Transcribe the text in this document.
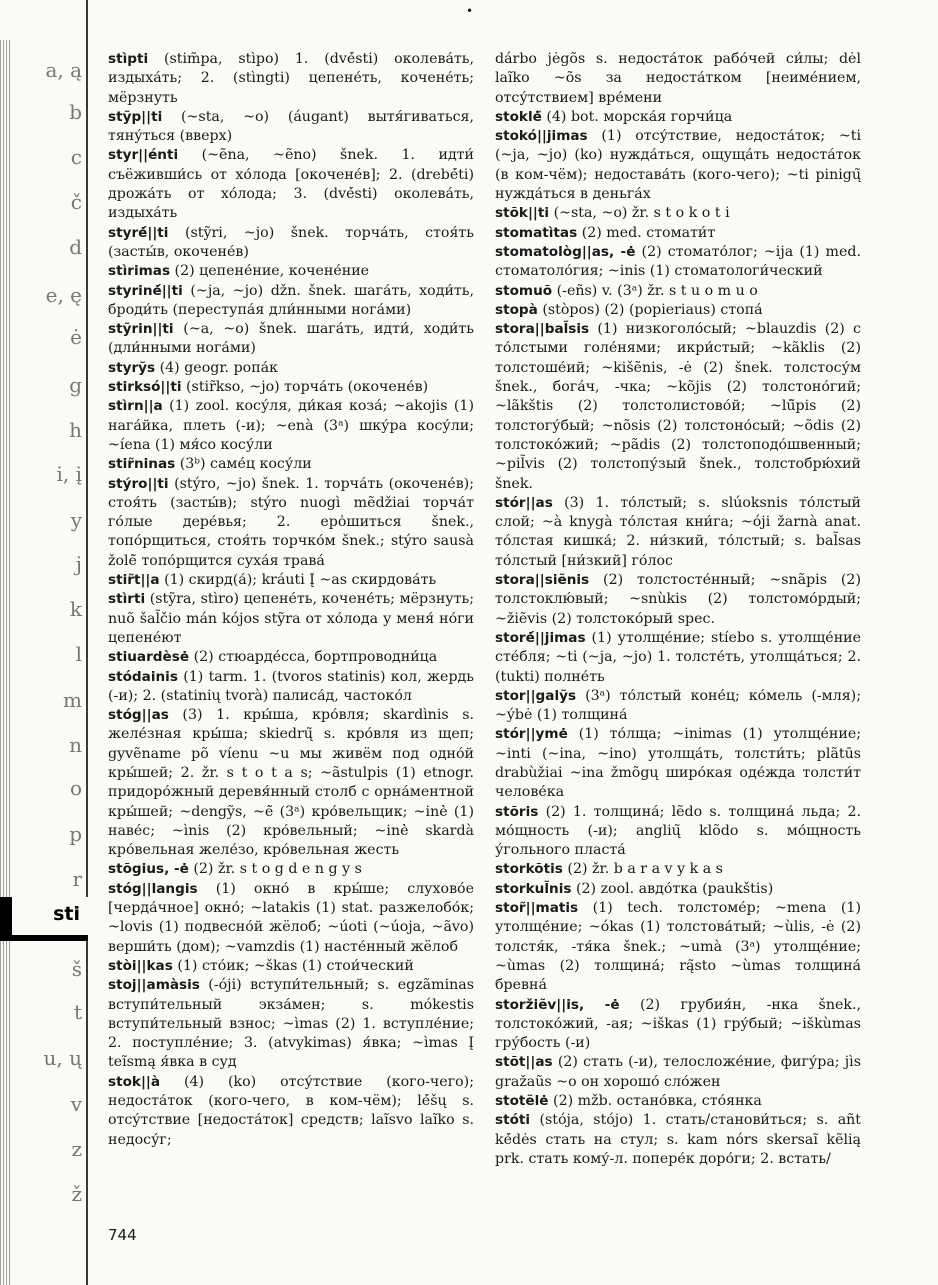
•
a, ą
b
c
č
d
e, ę
ė
g
h
i, į
y
j
k
l
m
n
o
p
r
š
t
u, ų
v
z
ž
sti

stìpti (stim̃pa, stìpo) 1. (dvė́sti) околева́ть, издыха́ть; 2. (stìngti) цепене́ть, кочене́ть; мёрзнуть

stỹp||ti (~sta, ~o) (áugant) вытя́гиваться, тяну́ться (вверх)

styr||énti (~ẽna, ~ẽno) šnek. 1. идти́ съёживши́сь от хо́лода [окочене́в]; 2. (drebė́ti) дрожа́ть от хо́лода; 3. (dvė́sti) околева́ть, издыха́ть

styrė́||ti (stỹri, ~jo) šnek. торча́ть, стоя́ть (засты́в, окочене́в)

stìrimas (2) цепене́ние, кочене́ние

styrinė́||ti (~ja, ~jo) džn. šnek. шага́ть, ходи́ть, броди́ть (переступа́я дли́нными нога́ми)

stỹrin||ti (~a, ~o) šnek. шага́ть, идти́, ходи́ть (дли́нными нога́ми)

styrỹs (4) geogr. ропа́к

stirksó||ti (stir̃kso, ~jo) торча́ть (окочене́в)

stìrn||a (1) zool. косу́ля, ди́кая коза́; ~akojis (1) нага́йка, плеть (-и); ~enà (3ᵃ) шку́ра косу́ли; ~íena (1) мя́со косу́ли

stir̃ninas (3ᵇ) саме́ц косу́ли

stýro||ti (stýro, ~jo) šnek. 1. торча́ть (окочене́в); стоя́ть (засты́в); stýro nuogì mẽdžiai торча́т го́лые дере́вья; 2. ерo̍шиться šnek., топо́рщиться, стоя́ть торчко́м šnek.; stýro sausà žolė̃ топо́рщится суха́я трава́

stir̃t||a (1) скирд(а́); kráuti Į ~as скирдова́ть

stìrti (stỹra, stìro) цепене́ть, кочене́ть; мёрзнуть; nuõ šal̃čio mán kójos stỹra от хо́лода у меня́ но́ги цепене́ют

stiuardèsė (2) стюарде́сса, бортпроводни́ца

stódainis (1) tarm. 1. (tvoros statinis) кол, жердь (-и); 2. (statinių tvorà) палиса́д, частоко́л

stóg||as (3) 1. кры́ша, кро́вля; skardìnis s. желе́зная кры́ша; skiedrų̃ s. кро́вля из щеп; gyvẽname põ víenu ~u мы живём под одно́й кры́шей; 2. žr. s t o t a s; ~ãstulpis (1) etnogr. придоро́жный деревя́нный столб с орна́ментной кры́шей; ~dengỹs, ~ė̃ (3ᵃ) кро́вельщик; ~inė̀ (1) наве́с; ~ìnis (2) кро́вельный; ~inė̀ skardà кро́вельная желе́зо, кро́вельная жесть

stõgius, -ė (2) žr. s t o g d e n g y s

stóg||langis (1) окно́ в кры́ше; слухово́е [черда́чное] окно́; ~latakis (1) stat. разжелобо́к; ~lovis (1) подвесно́й жёлоб; ~úoti (~úoja, ~ãvo) верши́ть (дом); ~vamzdis (1) насте́нный жёлоб

stòi||kas (1) сто́ик; ~škas (1) стои́ческий

stoj||amàsis (-óji) вступи́тельный; s. egzãminas вступи́тельный экза́мен; s. mókestis вступи́тельный взнос; ~ìmas (2) 1. вступле́ние; 2. поступле́ние; 3. (atvykimas) я́вка; ~ìmas Į teĩsmą я́вка в суд

stok||à (4) (ko) отсу́тствие (кого-чего); недоста́ток (кого-чего, в ком-чём); lė́šų s. отсу́тствие [недоста́ток] средств; laĩsvo laĩko s. недосу́г;

dárbo jėgõs s. недоста́ток рабо́чей си́лы; dėl laĩko ~õs за недоста́тком [неиме́нием, отсу́тствием] вре́мени

stoklė̃ (4) bot. морска́я горчи́ца

stokó||jimas (1) отсу́тствие, недоста́ток; ~ti (~ja, ~jo) (ko) нужда́ться, ощуща́ть недоста́ток (в ком-чём); недостава́ть (кого-чего); ~ti pinigų̃ нужда́ться в деньга́х

stõk||ti (~sta, ~o) žr. s t o k o t i

stomatìtas (2) med. стомати́т

stomatològ||as, -ė (2) стомато́лог; ~ija (1) med. стоматоло́гия; ~inis (1) стоматологи́ческий

stomuõ (-eñs) v. (3ᵃ) žr. s t u o m u o

stopà (stòpos) (2) (popieriaus) стопа́

stora||bal̃sis (1) низкоголо́сый; ~blauzdis (2) с то́лстыми голе́нями; икри́стый; ~kãklis (2) толстоше́ий; ~kišẽnis, -ė (2) šnek. толстосу́м šnek., бога́ч, -чка; ~kõjis (2) толстоно́гий; ~lãkštis (2) толстолистово́й; ~lū̃pis (2) толстогу́бый; ~nõsis (2) толстоно́сый; ~õdis (2) толстоко́жий; ~pãdis (2) толстоподо́швенный; ~pil̃vis (2) толстопу́зый šnek., толстобрю́хий šnek.

stór||as (3) 1. то́лстый; s. slúoksnis то́лстый слой; ~à knygà то́лстая кни́га; ~óji žarnà anat. то́лстая кишка́; 2. ни́зкий, то́лстый; s. bal̃sas то́лстый [ни́зкий] го́лос

stora||siẽnis (2) толстосте́нный; ~snãpis (2) толстоклю́вый; ~snùkis (2) толстомо́рдый; ~žiẽvis (2) толстоко́рый spec.

storė́||jimas (1) утолще́ние; stíebo s. утолще́ние сте́бля; ~ti (~ja, ~jo) 1. толсте́ть, утолща́ться; 2. (tukti) полне́ть

stor||galỹs (3ᵃ) то́лстый коне́ц; ко́мель (-мля); ~ýbė (1) толщина́

stór||ymė (1) то́лща; ~inimas (1) утолще́ние; ~inti (~ina, ~ino) утолща́ть, толсти́ть; plãtūs drabùžiai ~ina žmõgų широ́кая оде́жда толсти́т челове́ка

stõris (2) 1. толщина́; lẽdo s. толщина́ льда; 2. мо́щность (-и); anglių̃ klõdo s. мо́щность у́гольного пласта́

storkõtis (2) žr. b a r a v y k a s

storkul̃nis (2) zool. авдо́тка (paukštis)

stor̃||matis (1) tech. толстоме́р; ~mena (1) утолще́ние; ~ókas (1) толстова́тый; ~ùlis, -ė (2) толстя́к, -тя́ка šnek.; ~umà (3ᵃ) утолще́ние; ~ùmas (2) толщина́; rą̃sto ~ùmas толщина́ бревна́

storžiẽv||is, -ė (2) грубия́н, -нка šnek., толстоко́жий, -ая; ~iškas (1) гру́бый; ~iškùmas гру́бость (-и)

stõt||as (2) стать (-и), телосложе́ние, фигу́ра; jìs gražaũs ~o он хорошо́ сло́жен

stotẽlė (2) mžb. остано́вка, сто́янка

stóti (stója, stójo) 1. стать/станови́ться; s. añt kė́dės стать на стул; s. kam nórs skersaĩ kẽlią prk. стать кому́-л. попере́к доро́ги; 2. встать/

744
